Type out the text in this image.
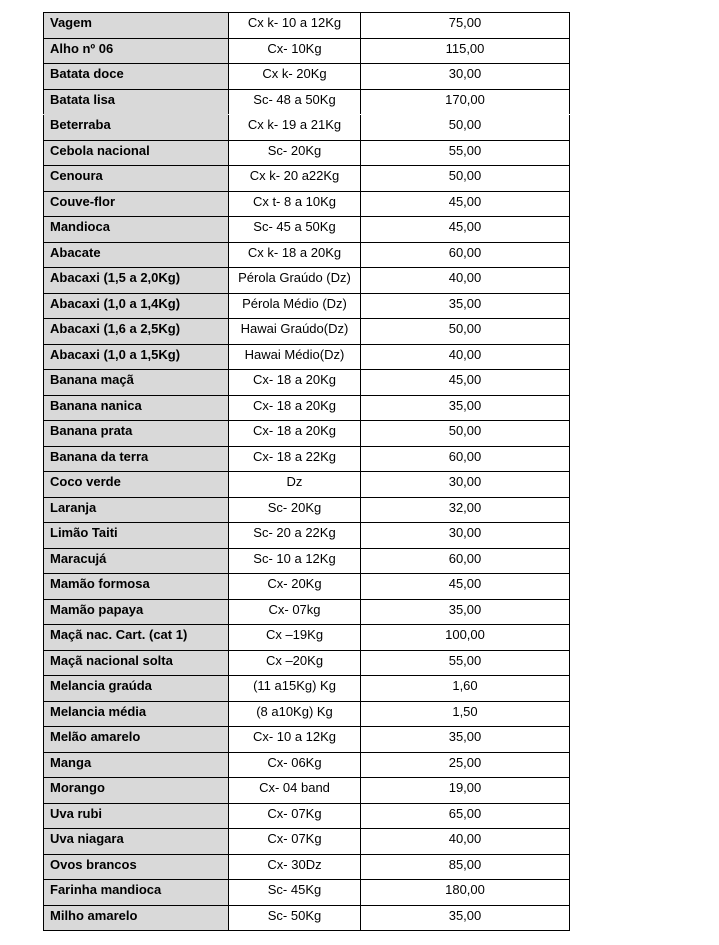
Vagem	Cx k- 10 a 12Kg	75,00

Alho nº 06	Cx- 10Kg	115,00

Batata doce	Cx k- 20Kg	30,00

Batata lisa	Sc- 48 a 50Kg	170,00

Beterraba	Cx k- 19 a 21Kg	50,00

Cebola nacional	Sc- 20Kg	55,00

Cenoura	Cx k- 20 a22Kg	50,00

Couve-flor	Cx t- 8 a 10Kg	45,00

Mandioca	Sc- 45 a 50Kg	45,00

Abacate	Cx k- 18 a 20Kg	60,00

Abacaxi (1,5 a 2,0Kg)	Pérola Graúdo (Dz)	40,00

Abacaxi (1,0 a 1,4Kg)	Pérola Médio (Dz)	35,00

Abacaxi (1,6 a 2,5Kg)	Hawai Graúdo(Dz)	50,00

Abacaxi (1,0 a 1,5Kg)	Hawai Médio(Dz)	40,00

Banana maçã	Cx- 18 a 20Kg	45,00

Banana nanica	Cx- 18 a 20Kg	35,00

Banana prata	Cx- 18 a 20Kg	50,00

Banana da terra	Cx- 18 a 22Kg	60,00

Coco verde	Dz	30,00

Laranja	Sc- 20Kg	32,00

Limão Taiti	Sc- 20 a 22Kg	30,00

Maracujá	Sc- 10 a 12Kg	60,00

Mamão formosa	Cx- 20Kg	45,00

Mamão papaya	Cx- 07kg	35,00

Maçã nac. Cart. (cat 1)	Cx –19Kg	100,00

Maçã nacional solta	Cx –20Kg	55,00

Melancia graúda	(11 a15Kg) Kg	1,60

Melancia média	(8 a10Kg) Kg	1,50

Melão amarelo	Cx- 10 a 12Kg	35,00

Manga	Cx- 06Kg	25,00

Morango	Cx- 04 band	19,00

Uva rubi	Cx- 07Kg	65,00

Uva niagara	Cx- 07Kg	40,00

Ovos brancos	Cx- 30Dz	85,00

Farinha mandioca	Sc- 45Kg	180,00

Milho amarelo	Sc- 50Kg	35,00
